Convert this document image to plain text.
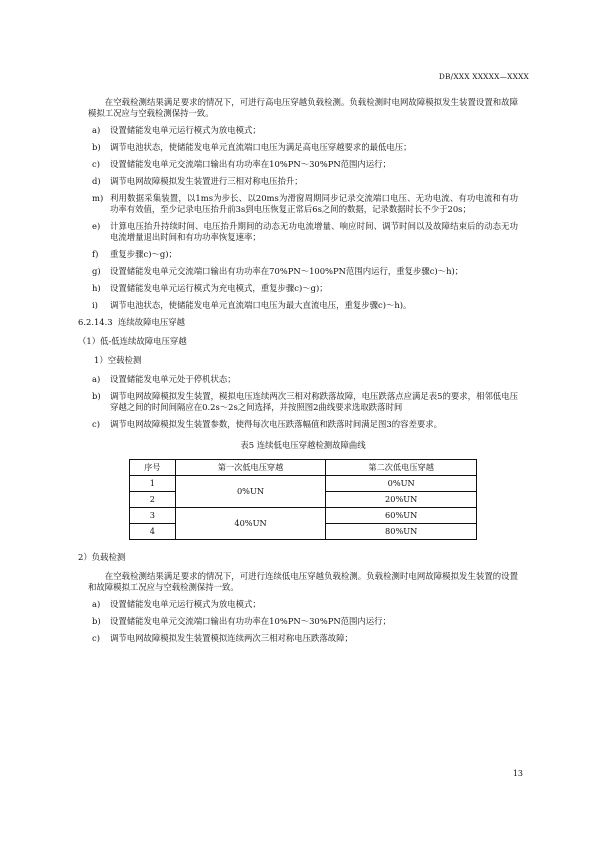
DB/XXX XXXXX—XXXX

在空载检测结果满足要求的情况下，可进行高电压穿越负载检测。负载检测时电网故障模拟发生装置设置和故障模拟工况应与空载检测保持一致。

a) 设置储能发电单元运行模式为放电模式；
b) 调节电池状态，使储能发电单元直流端口电压为满足高电压穿越要求的最低电压；
c) 设置储能发电单元交流端口输出有功功率在10%PN～30%PN范围内运行；
d) 调节电网故障模拟发生装置进行三相对称电压抬升；
m) 利用数据采集装置，以1ms为步长、以20ms为滑窗周期同步记录交流端口电压、无功电流、有功电流和有功功率有效值，至少记录电压抬升前3s到电压恢复正常后6s之间的数据，记录数据时长不少于20s；
e) 计算电压抬升持续时间、电压抬升期间的动态无功电流增量、响应时间、调节时间以及故障结束后的动态无功电流增量退出时间和有功功率恢复速率；
f) 重复步骤c)～g)；
g) 设置储能发电单元交流端口输出有功功率在70%PN～100%PN范围内运行，重复步骤c)～h)；
h) 设置储能发电单元运行模式为充电模式，重复步骤c)～g)；
i) 调节电池状态，使储能发电单元直流端口电压为最大直流电压，重复步骤c)～h)。
6.2.14.3 连续故障电压穿越
（1）低-低连续故障电压穿越
1）空载检测
a) 设置储能发电单元处于停机状态；
b) 调节电网故障模拟发生装置，模拟电压连续两次三相对称跌落故障，电压跌落点应满足表5的要求，相邻低电压穿越之间的时间间隔应在0.2s～2s之间选择，并按照图2曲线要求选取跌落时间
c) 调节电网故障模拟发生装置参数，使得每次电压跌落幅值和跌落时间满足图3的容差要求。
表5 连续低电压穿越检测故障曲线
序号	第一次低电压穿越	第二次低电压穿越
1	0%UN	0%UN
2		20%UN
3	40%UN	60%UN
4		80%UN
2）负载检测

在空载检测结果满足要求的情况下，可进行连续低电压穿越负载检测。负载检测时电网故障模拟发生装置的设置和故障模拟工况应与空载检测保持一致。

a) 设置储能发电单元运行模式为放电模式；
b) 设置储能发电单元交流端口输出有功功率在10%PN～30%PN范围内运行；
c) 调节电网故障模拟发生装置模拟连续两次三相对称电压跌落故障；
13
